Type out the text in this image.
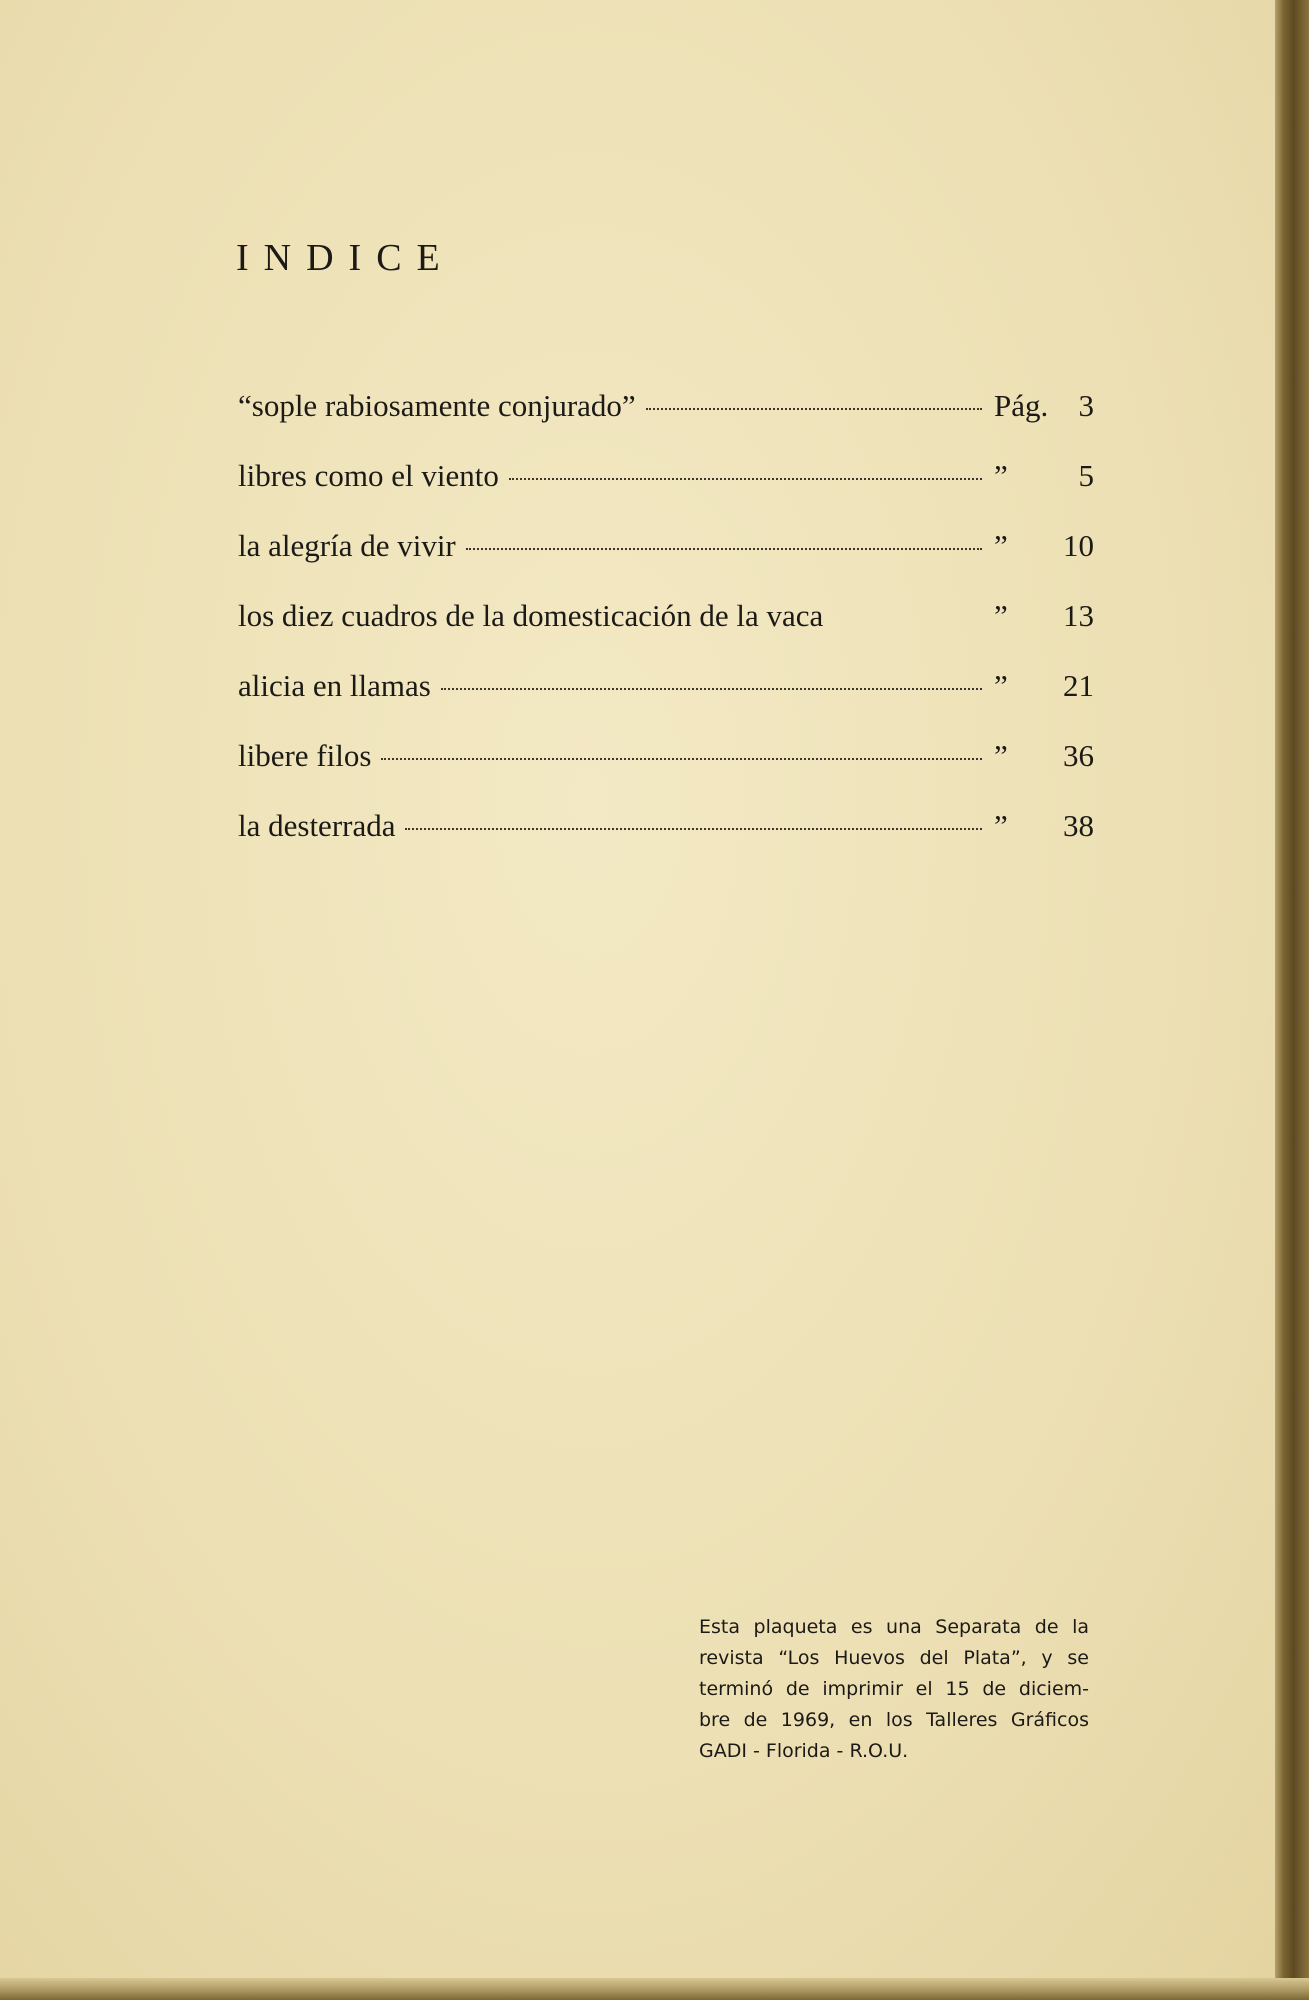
INDICE
“sople rabiosamente conjurado”	Pág. 3
libres como el viento	”	5
la alegría de vivir	”	10
los diez cuadros de la domesticación de la vaca	”	13
alicia en llamas	”	21
libere filos	”	36
la desterrada	”	38

Esta plaqueta es una Separata de la
revista “Los Huevos del Plata”, y se
terminó de imprimir el 15 de diciem-
bre de 1969, en los Talleres Gráficos
GADI - Florida - R.O.U.
